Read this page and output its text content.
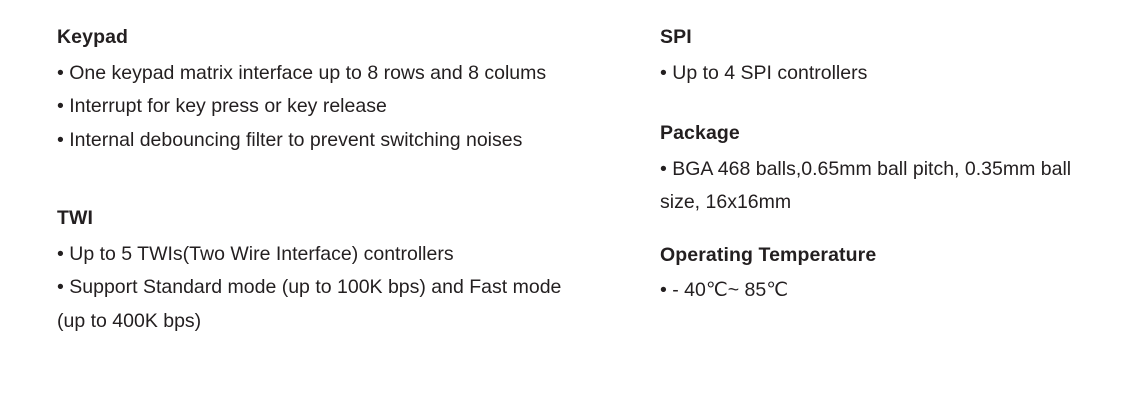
Keypad
• One keypad matrix interface up to 8 rows and 8 colums
• Interrupt for key press or key release
• Internal debouncing filter to prevent switching noises
TWI
• Up to 5 TWIs(Two Wire Interface) controllers
• Support Standard mode (up to 100K bps) and Fast mode (up to 400K bps)
SPI
• Up to 4 SPI controllers
Package
• BGA 468 balls,0.65mm ball pitch, 0.35mm ball size, 16x16mm
Operating Temperature
• - 40℃~ 85℃
